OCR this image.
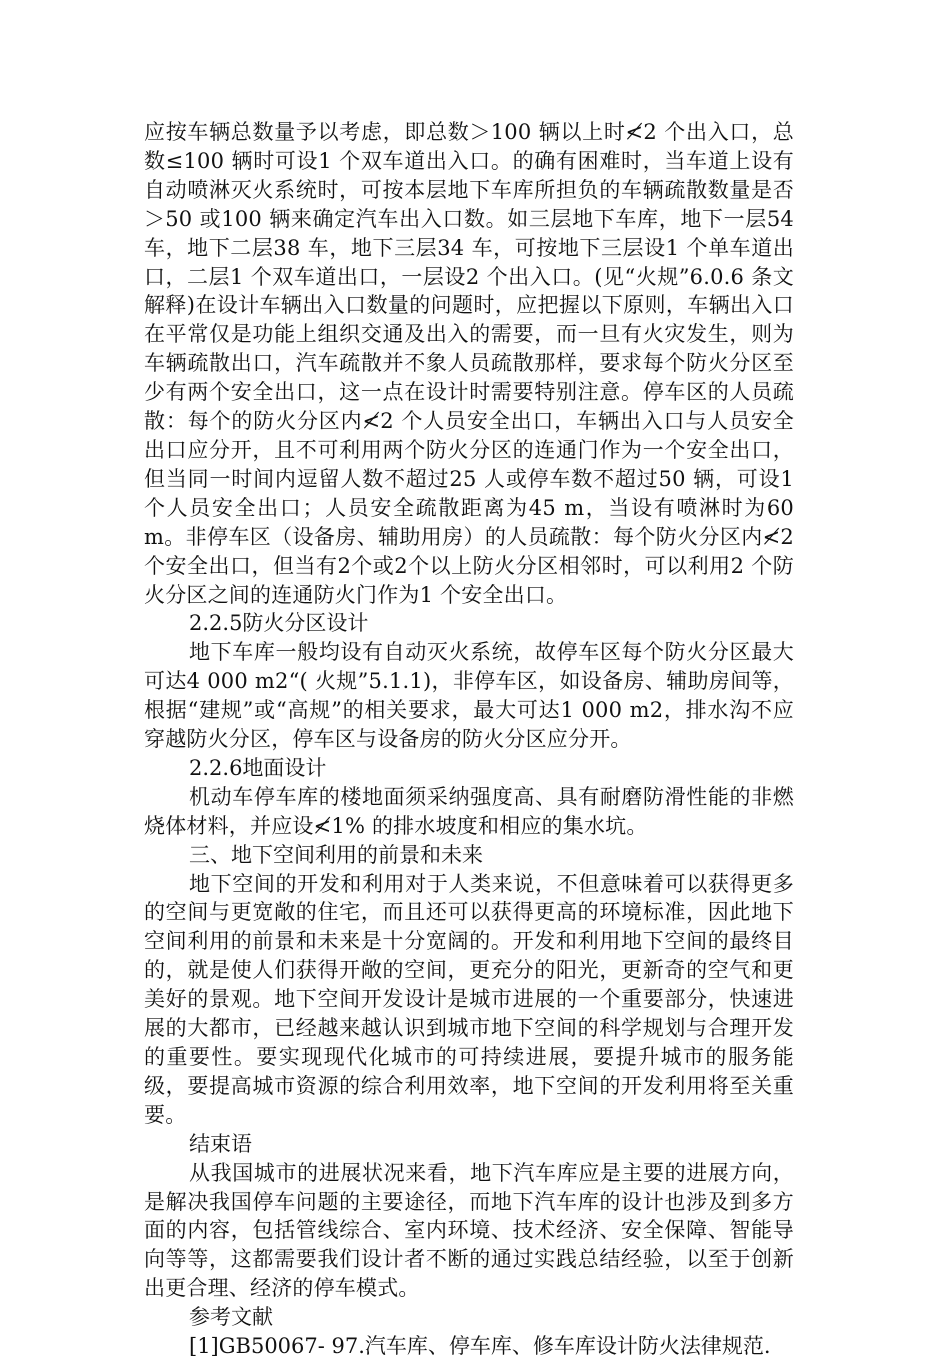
应按车辆总数量予以考虑，即总数＞100 辆以上时≮2 个出入口，总数≤100 辆时可设1 个双车道出入口。的确有困难时，当车道上设有自动喷淋灭火系统时，可按本层地下车库所担负的车辆疏散数量是否＞50 或100 辆来确定汽车出入口数。如三层地下车库，地下一层54 车，地下二层38 车，地下三层34 车，可按地下三层设1 个单车道出口，二层1 个双车道出口，一层设2 个出入口。(见“火规”6.0.6 条文解释)在设计车辆出入口数量的问题时，应把握以下原则，车辆出入口在平常仅是功能上组织交通及出入的需要，而一旦有火灾发生，则为车辆疏散出口，汽车疏散并不象人员疏散那样，要求每个防火分区至少有两个安全出口，这一点在设计时需要特别注意。停车区的人员疏散：每个的防火分区内≮2 个人员安全出口，车辆出入口与人员安全出口应分开，且不可利用两个防火分区的连通门作为一个安全出口，但当同一时间内逗留人数不超过25 人或停车数不超过50 辆，可设1 个人员安全出口；人员安全疏散距离为45 m，当设有喷淋时为60 m。非停车区（设备房、辅助用房）的人员疏散：每个防火分区内≮2 个安全出口，但当有2个或2个以上防火分区相邻时，可以利用2 个防火分区之间的连通防火门作为1 个安全出口。

2.2.5防火分区设计

地下车库一般均设有自动灭火系统，故停车区每个防火分区最大可达4 000 m2“( 火规”5.1.1)，非停车区，如设备房、辅助房间等，根据“建规”或“高规”的相关要求，最大可达1 000 m2，排水沟不应穿越防火分区，停车区与设备房的防火分区应分开。

2.2.6地面设计

机动车停车库的楼地面须采纳强度高、具有耐磨防滑性能的非燃烧体材料，并应设≮1% 的排水坡度和相应的集水坑。

三、地下空间利用的前景和未来

地下空间的开发和利用对于人类来说，不但意味着可以获得更多的空间与更宽敞的住宅，而且还可以获得更高的环境标准，因此地下空间利用的前景和未来是十分宽阔的。开发和利用地下空间的最终目的，就是使人们获得开敞的空间，更充分的阳光，更新奇的空气和更美好的景观。地下空间开发设计是城市进展的一个重要部分，快速进展的大都市，已经越来越认识到城市地下空间的科学规划与合理开发的重要性。要实现现代化城市的可持续进展，要提升城市的服务能级，要提高城市资源的综合利用效率，地下空间的开发利用将至关重要。

结束语

从我国城市的进展状况来看，地下汽车库应是主要的进展方向，是解决我国停车问题的主要途径，而地下汽车库的设计也涉及到多方面的内容，包括管线综合、室内环境、技术经济、安全保障、智能导向等等，这都需要我们设计者不断的通过实践总结经验，以至于创新出更合理、经济的停车模式。

参考文献

[1]GB50067- 97.汽车库、停车库、修车库设计防火法律规范.
